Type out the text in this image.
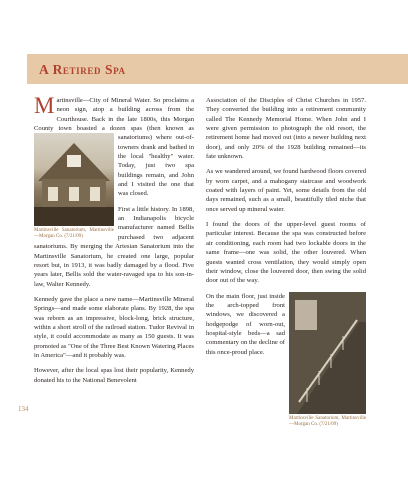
A Retired Spa

M artinsville—City of Mineral Water. So proclaims a neon sign, atop a building across from the Courthouse. Back in the late 1800s, this Morgan County town boasted a dozen
Martinsville Sanatorium, Martinsville—Morgan Co. (7/21/09)
spas (then known as sanatoriums) where out-of-towners drank and bathed in the local "healthy" water. Today, just two spa buildings remain, and John and I visited the one that was closed.

First a little history. In 1898, an Indianapolis bicycle manufacturer named Bellis purchased two adjacent sanatoriums. By merging the Artesian Sanatorium into the Martinsville Sanatorium, he created one large, popular resort but, in 1913, it was badly damaged by a flood. Five years later, Bellis sold the water-ravaged spa to his son-in-law, Walter Kennedy.

Kennedy gave the place a new name—Martinsville Mineral Springs—and made some elaborate plans. By 1928, the spa was reborn as an impressive, block-long, brick structure, within a short stroll of the railroad station. Tudor Revival in style, it could accommodate as many as 150 guests. It was promoted as "One of the Three Best Known Watering Places in America"—and it probably was.

However, after the local spas lost their popularity, Kennedy donated his to the National Benevolent

Association of the Disciples of Christ Churches in 1957. They converted the building into a retirement community called The Kennedy Memorial Home. When John and I were given permission to photograph the old resort, the retirement home had moved out (into a newer building next door), and only 20% of the 1928 building remained—its fate unknown.

As we wandered around, we found hardwood floors covered by worn carpet, and a mahogany staircase and woodwork coated with layers of paint. Yet, some details from the old days remained, such as a small, beautifully tiled niche that once served up mineral water.

I found the doors of the upper-level guest rooms of particular interest. Because the spa was constructed before air conditioning, each room had two lockable doors in the same frame—one was solid, the other louvered. When guests wanted cross ventilation, they would simply open their window, close the louvered door, then swing the solid door out of the way.

Martinsville Sanatorium, Martinsville—Morgan Co. (7/21/09)
On the main floor, just inside the arch-topped front windows, we discovered a hodgepodge of worn-out, hospital-style beds—a sad commentary on the decline of this once-proud place.

134
